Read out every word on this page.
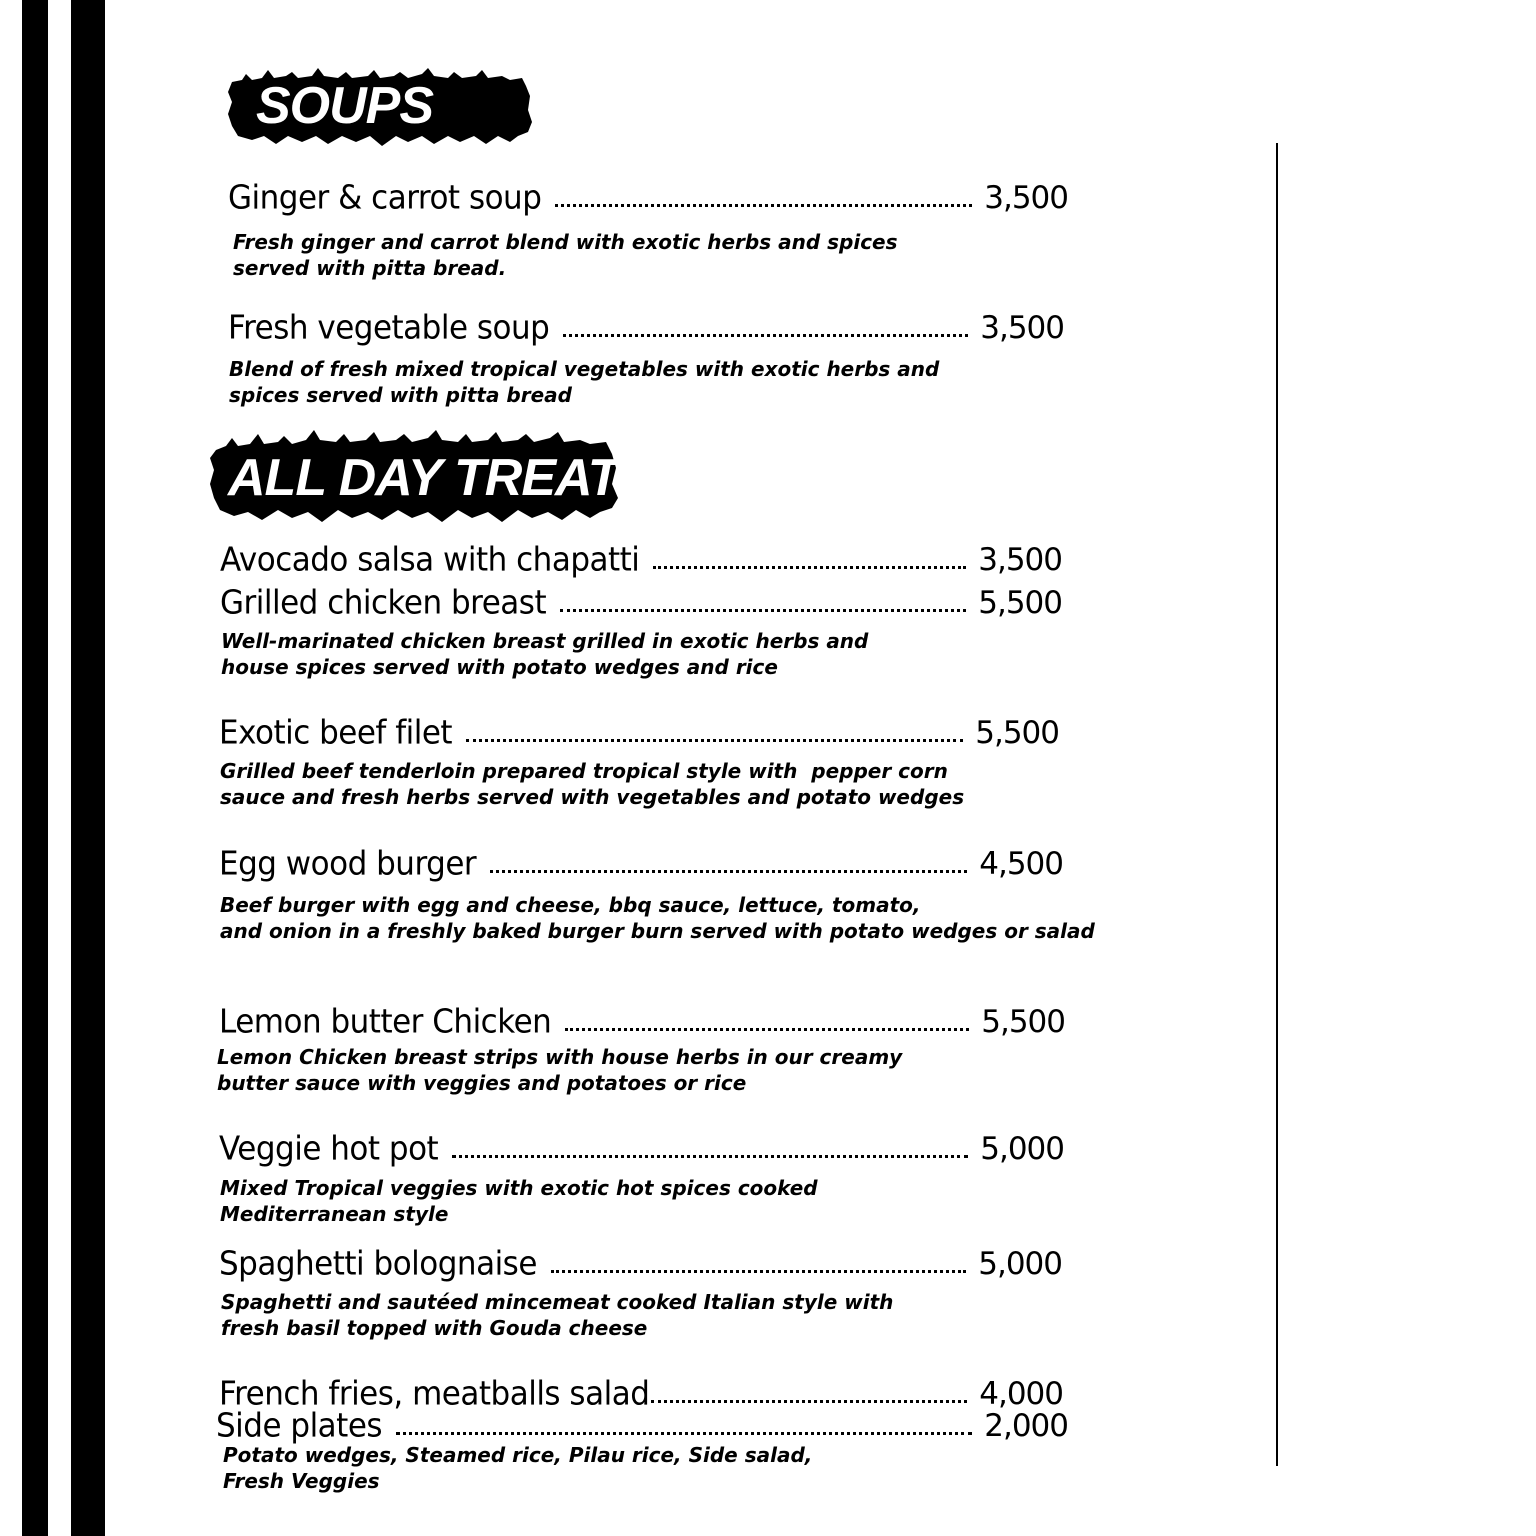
SOUPS
ALL DAY TREAT
Ginger & carrot soup	3,500
Fresh ginger and carrot blend with exotic herbs and spices
served with pitta bread.
Fresh vegetable soup	3,500
Blend of fresh mixed tropical vegetables with exotic herbs and
spices served with pitta bread
Avocado salsa with chapatti	3,500
Grilled chicken breast	5,500
Well-marinated chicken breast grilled in exotic herbs and
house spices served with potato wedges and rice
Exotic beef filet	5,500
Grilled beef tenderloin prepared tropical style with  pepper corn
sauce and fresh herbs served with vegetables and potato wedges
Egg wood burger	4,500
Beef burger with egg and cheese, bbq sauce, lettuce, tomato,
and onion in a freshly baked burger burn served with potato wedges or salad
Lemon butter Chicken	5,500
Lemon Chicken breast strips with house herbs in our creamy
butter sauce with veggies and potatoes or rice
Veggie hot pot	5,000
Mixed Tropical veggies with exotic hot spices cooked
Mediterranean style
Spaghetti bolognaise	5,000
Spaghetti and sautéed mincemeat cooked Italian style with
fresh basil topped with Gouda cheese
French fries, meatballs salad	4,000
Side plates	2,000
Potato wedges, Steamed rice, Pilau rice, Side salad,
Fresh Veggies
